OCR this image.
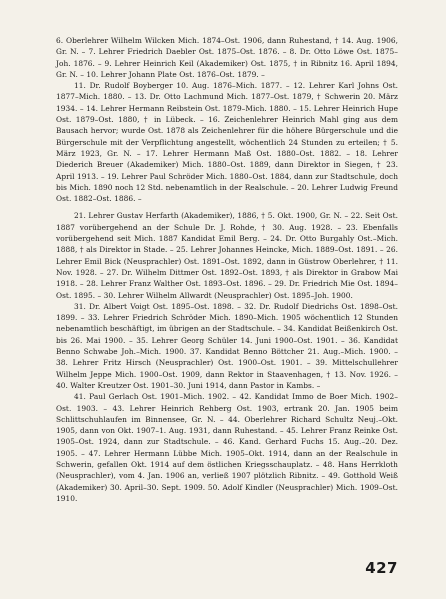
6. Oberlehrer Wilhelm Wilcken Mich. 1874–Ost. 1906, dann Ruhestand, † 14. Aug. 1906, Gr. N. – 7. Lehrer Friedrich Daebler Ost. 1875–Ost. 1876. – 8. Dr. Otto Löwe Ost. 1875–Joh. 1876. – 9. Lehrer Heinrich Keil (Akademiker) Ost. 1875, † in Ribnitz 16. April 1894, Gr. N. – 10. Lehrer Johann Plate Ost. 1876–Ost. 1879. –

11. Dr. Rudolf Boyberger 10. Aug. 1876–Mich. 1877. – 12. Lehrer Karl Johns Ost. 1877–Mich. 1880. – 13. Dr. Otto Lachmund Mich. 1877–Ost. 1879, † Schwerin 20. März 1934. – 14. Lehrer Hermann Reibstein Ost. 1879–Mich. 1880. – 15. Lehrer Heinrich Hupe Ost. 1879–Ost. 1880, † in Lübeck. – 16. Zeichenlehrer Heinrich Mahl ging aus dem Bausach hervor; wurde Ost. 1878 als Zeichenlehrer für die höhere Bürgerschule und die Bürgerschule mit der Verpflichtung angestellt, wöchentlich 24 Stunden zu erteilen; † 5. März 1923, Gr. N. – 17. Lehrer Hermann Maß Ost. 1880–Ost. 1882. – 18. Lehrer Diederich Breuer (Akademiker) Mich. 1880–Ost. 1889, dann Direktor in Siegen, † 23. April 1913. – 19. Lehrer Paul Schröder Mich. 1880–Ost. 1884, dann zur Stadtschule, doch bis Mich. 1890 noch 12 Std. nebenamtlich in der Realschule. – 20. Lehrer Ludwig Freund Ost. 1882–Ost. 1886. –

21. Lehrer Gustav Herfarth (Akademiker), 1886, † 5. Okt. 1900, Gr. N. – 22. Seit Ost. 1887 vorübergehend an der Schule Dr. J. Rohde, † 30. Aug. 1928. – 23. Ebenfalls vorübergehend seit Mich. 1887 Kandidat Emil Berg. – 24. Dr. Otto Burgahly Ost.–Mich. 1888, † als Direktor in Stade. – 25. Lehrer Johannes Heincke, Mich. 1889–Ost. 1891. – 26. Lehrer Emil Bick (Neusprachler) Ost. 1891–Ost. 1892, dann in Güstrow Oberlehrer, † 11. Nov. 1928. – 27. Dr. Wilhelm Dittmer Ost. 1892–Ost. 1893, † als Direktor in Grabow Mai 1918. – 28. Lehrer Franz Walther Ost. 1893–Ost. 1896. – 29. Dr. Friedrich Mie Ost. 1894–Ost. 1895. – 30. Lehrer Wilhelm Allwardt (Neusprachler) Ost. 1895–Joh. 1900.

31. Dr. Albert Voigt Ost. 1895–Ost. 1898. – 32. Dr. Rudolf Diedrichs Ost. 1898–Ost. 1899. – 33. Lehrer Friedrich Schröder Mich. 1890–Mich. 1905 wöchentlich 12 Stunden nebenamtlich beschäftigt, im übrigen an der Stadtschule. – 34. Kandidat Beißenkirch Ost. bis 26. Mai 1900. – 35. Lehrer Georg Schüler 14. Juni 1900–Ost. 1901. – 36. Kandidat Benno Schwabe Joh.–Mich. 1900. 37. Kandidat Benno Böttcher 21. Aug.–Mich. 1900. – 38. Lehrer Fritz Hirsch (Neusprachler) Ost. 1900–Ost. 1901. – 39. Mittelschullehrer Wilhelm Jeppe Mich. 1900–Ost. 1909, dann Rektor in Staavenhagen, † 13. Nov. 1926. – 40. Walter Kreutzer Ost. 1901–30. Juni 1914, dann Pastor in Kambs. –

41. Paul Gerlach Ost. 1901–Mich. 1902. – 42. Kandidat Immo de Boer Mich. 1902–Ost. 1903. – 43. Lehrer Heinrich Rehberg Ost. 1903, ertrank 20. Jan. 1905 beim Schlittschuhlaufen im Binnensee, Gr. N. – 44. Oberlehrer Richard Schultz Neuj.–Okt. 1905, dann von Okt. 1907–1. Aug. 1931, dann Ruhestand. – 45. Lehrer Franz Reinke Ost. 1905–Ost. 1924, dann zur Stadtschule. – 46. Kand. Gerhard Fuchs 15. Aug.–20. Dez. 1905. – 47. Lehrer Hermann Lübbe Mich. 1905–Okt. 1914, dann an der Realschule in Schwerin, gefallen Okt. 1914 auf dem östlichen Kriegsschauplatz. – 48. Hans Herrkloth (Neusprachler), vom 4. Jan. 1906 an, verließ 1907 plötzlich Ribnitz. – 49. Gotthold Weiß (Akademiker) 30. April–30. Sept. 1909. 50. Adolf Kindler (Neusprachler) Mich. 1909–Ost. 1910.

427
